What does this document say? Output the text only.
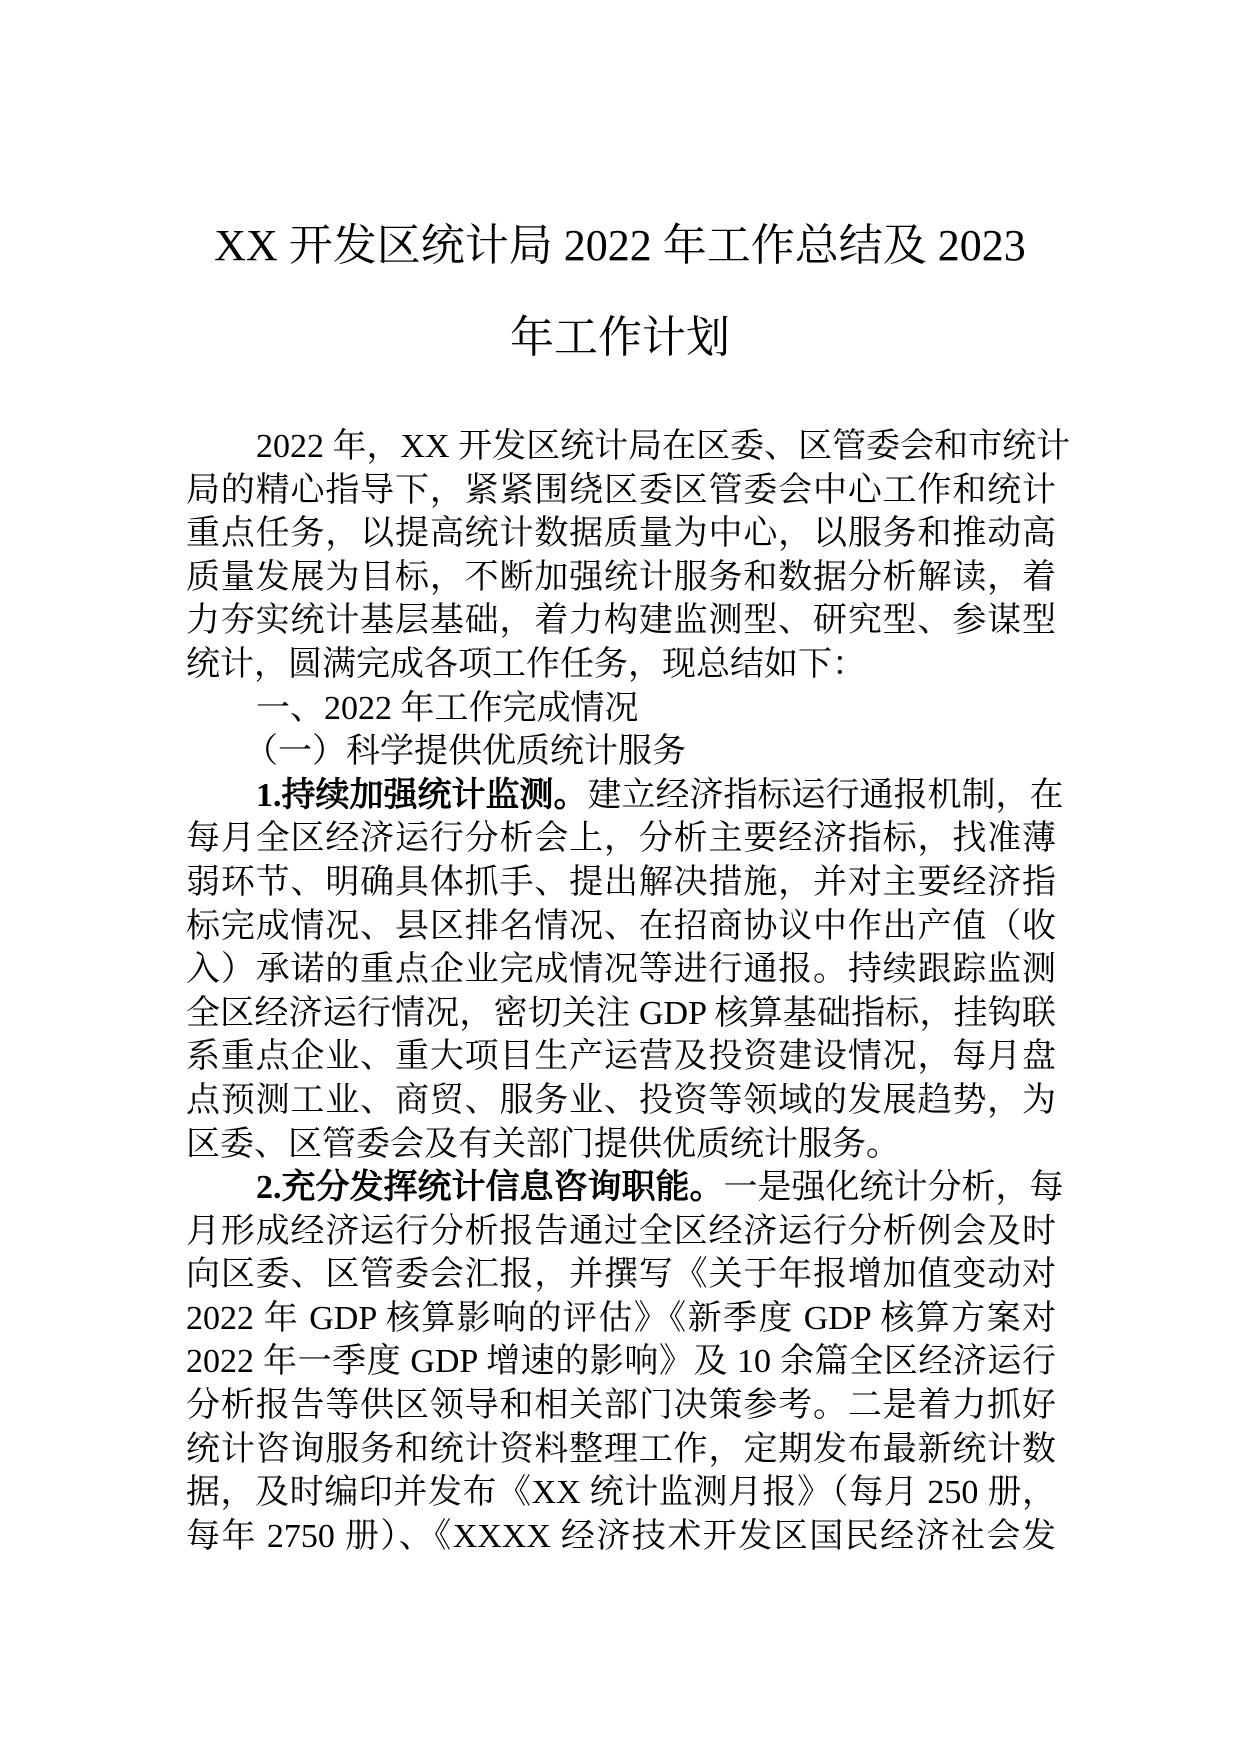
XX 开发区统计局 2022 年工作总结及 2023
年工作计划
2022 年，XX 开发区统计局在区委、区管委会和市统计
局的精心指导下，紧紧围绕区委区管委会中心工作和统计
重点任务，以提高统计数据质量为中心，以服务和推动高
质量发展为目标，不断加强统计服务和数据分析解读，着
力夯实统计基层基础，着力构建监测型、研究型、参谋型
统计，圆满完成各项工作任务，现总结如下：
一、2022 年工作完成情况
（一）科学提供优质统计服务
1.持续加强统计监测。建立经济指标运行通报机制，在
每月全区经济运行分析会上，分析主要经济指标，找准薄
弱环节、明确具体抓手、提出解决措施，并对主要经济指
标完成情况、县区排名情况、在招商协议中作出产值（收
入）承诺的重点企业完成情况等进行通报。持续跟踪监测
全区经济运行情况，密切关注 GDP 核算基础指标，挂钩联
系重点企业、重大项目生产运营及投资建设情况，每月盘
点预测工业、商贸、服务业、投资等领域的发展趋势，为
区委、区管委会及有关部门提供优质统计服务。
2.充分发挥统计信息咨询职能。一是强化统计分析，每
月形成经济运行分析报告通过全区经济运行分析例会及时
向区委、区管委会汇报，并撰写《关于年报增加值变动对
2022 年 GDP 核算影响的评估》《新季度 GDP 核算方案对
2022 年一季度 GDP 增速的影响》及 10 余篇全区经济运行
分析报告等供区领导和相关部门决策参考。二是着力抓好
统计咨询服务和统计资料整理工作，定期发布最新统计数
据，及时编印并发布《XX 统计监测月报》（每月 250 册，
每年 2750 册）、《XXXX 经济技术开发区国民经济社会发
